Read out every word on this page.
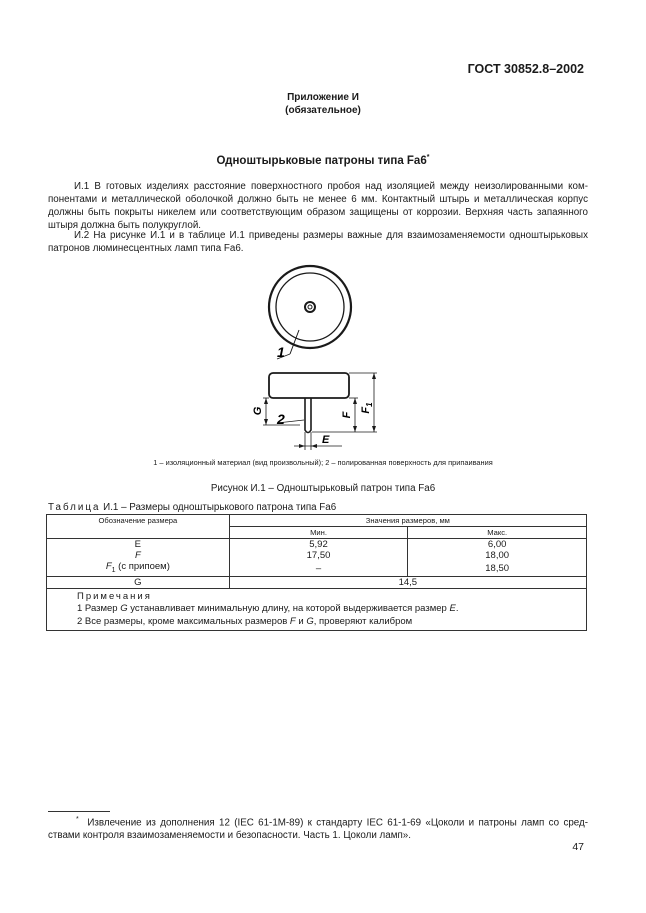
ГОСТ 30852.8–2002
Приложение И
(обязательное)
Одноштырьковые патроны типа Fa6*
И.1 В готовых изделиях расстояние поверхностного пробоя над изоляцией между неизолированными ком-
понентами и металлической оболочкой должно быть не менее 6 мм. Контактный штырь и металлическая корпус
должны быть покрыты никелем или соответствующим образом защищены от коррозии. Верхняя часть запаянного
штыря должна быть полукруглой.
И.2 На рисунке И.1 и в таблице И.1 приведены размеры важные для взаимозаменяемости одноштырьковых
патронов люминесцентных ламп типа Fa6.
1
2
G	F
$F_1$
E
1 – изоляционный материал (вид произвольный); 2 – полированная поверхность для припаивания
Рисунок И.1 – Одноштырьковый патрон типа Fa6
Таблица И.1 – Размеры одноштырькового патрона типа Fa6
Обозначение размера	Значения размеров, мм	
	Мин.	Макс.
E	5,92	6,00
F	17,50	18,00
$F_1$ (с припоем)	–	18,50
G	14,5	

Примечания
1 Размер G устанавливает минимальную длину, на которой выдерживается размер E.
2 Все размеры, кроме максимальных размеров F и G, проверяют калибром		
* Извлечение из дополнения 12 (IEC 61-1M-89) к стандарту IEC 61-1-69 «Цоколи и патроны ламп со сред-
ствами контроля взаимозаменяемости и безопасности. Часть 1. Цоколи ламп».
47
